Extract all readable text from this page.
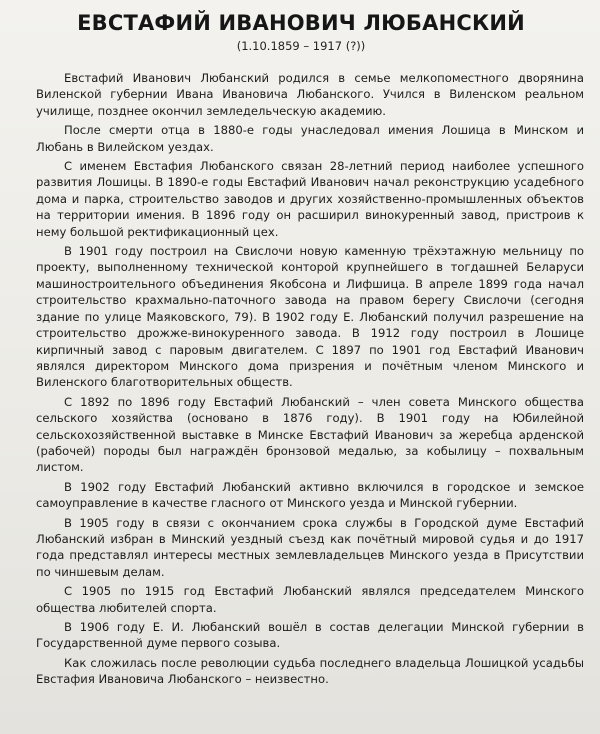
ЕВСТАФИЙ ИВАНОВИЧ ЛЮБАНСКИЙ
(1.10.1859 – 1917 (?))

Евстафий Иванович Любанский родился в семье мелкопоместного дворянина Виленской губернии Ивана Ивановича Любанского. Учился в Виленском реальном училище, позднее окончил земледельческую академию.

После смерти отца в 1880-е годы унаследовал имения Лошица в Минском и Любань в Вилейском уездах.

С именем Евстафия Любанского связан 28-летний период наиболее успешного развития Лошицы. В 1890-е годы Евстафий Иванович начал реконструкцию усадебного дома и парка, строительство заводов и других хозяйственно-промышленных объектов на территории имения. В 1896 году он расширил винокуренный завод, пристроив к нему большой ректификационный цех.

В 1901 году построил на Свислочи новую каменную трёхэтажную мельницу по проекту, выполненному технической конторой крупнейшего в тогдашней Беларуси машиностроительного объединения Якобсона и Лифшица. В апреле 1899 года начал строительство крахмально-паточного завода на правом берегу Свислочи (сегодня здание по улице Маяковского, 79). В 1902 году Е. Любанский получил разрешение на строительство дрожже-винокуренного завода. В 1912 году построил в Лошице кирпичный завод с паровым двигателем. С 1897 по 1901 год Евстафий Иванович являлся директором Минского дома призрения и почётным членом Минского и Виленского благотворительных обществ.

С 1892 по 1896 году Евстафий Любанский – член совета Минского общества сельского хозяйства (основано в 1876 году). В 1901 году на Юбилейной сельскохозяйственной выставке в Минске Евстафий Иванович за жеребца арденской (рабочей) породы был награждён бронзовой медалью, за кобылицу – похвальным листом.

В 1902 году Евстафий Любанский активно включился в городское и земское самоуправление в качестве гласного от Минского уезда и Минской губернии.

В 1905 году в связи с окончанием срока службы в Городской думе Евстафий Любанский избран в Минский уездный съезд как почётный мировой судья и до 1917 года представлял интересы местных землевладельцев Минского уезда в Присутствии по чиншевым делам.

С 1905 по 1915 год Евстафий Любанский являлся председателем Минского общества любителей спорта.

В 1906 году Е. И. Любанский вошёл в состав делегации Минской губернии в Государственной думе первого созыва.

Как сложилась после революции судьба последнего владельца Лошицкой усадьбы Евстафия Ивановича Любанского – неизвестно.
